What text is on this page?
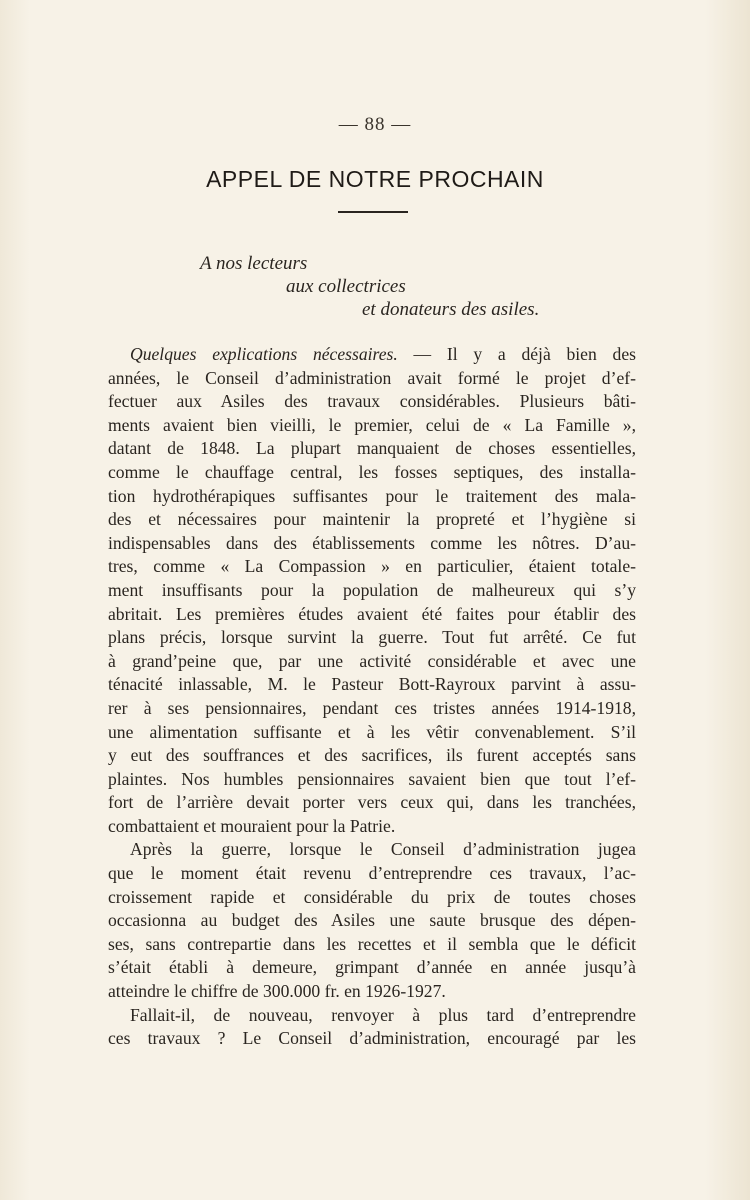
— 88 —
APPEL DE NOTRE PROCHAIN
A nos lecteurs
aux collectrices
et donateurs des asiles.
Quelques explications nécessaires. — Il y a déjà bien des
années, le Conseil d’administration avait formé le projet d’ef-
fectuer aux Asiles des travaux considérables. Plusieurs bâti-
ments avaient bien vieilli, le premier, celui de « La Famille »,
datant de 1848. La plupart manquaient de choses essentielles,
comme le chauffage central, les fosses septiques, des installa-
tion hydrothérapiques suffisantes pour le traitement des mala-
des et nécessaires pour maintenir la propreté et l’hygiène si
indispensables dans des établissements comme les nôtres. D’au-
tres, comme « La Compassion » en particulier, étaient totale-
ment insuffisants pour la population de malheureux qui s’y
abritait. Les premières études avaient été faites pour établir des
plans précis, lorsque survint la guerre. Tout fut arrêté. Ce fut
à grand’peine que, par une activité considérable et avec une
ténacité inlassable, M. le Pasteur Bott-Rayroux parvint à assu-
rer à ses pensionnaires, pendant ces tristes années 1914-1918,
une alimentation suffisante et à les vêtir convenablement. S’il
y eut des souffrances et des sacrifices, ils furent acceptés sans
plaintes. Nos humbles pensionnaires savaient bien que tout l’ef-
fort de l’arrière devait porter vers ceux qui, dans les tranchées,
combattaient et mouraient pour la Patrie.
Après la guerre, lorsque le Conseil d’administration jugea
que le moment était revenu d’entreprendre ces travaux, l’ac-
croissement rapide et considérable du prix de toutes choses
occasionna au budget des Asiles une saute brusque des dépen-
ses, sans contrepartie dans les recettes et il sembla que le déficit
s’était établi à demeure, grimpant d’année en année jusqu’à
atteindre le chiffre de 300.000 fr. en 1926-1927.
Fallait-il, de nouveau, renvoyer à plus tard d’entreprendre
ces travaux ? Le Conseil d’administration, encouragé par les
